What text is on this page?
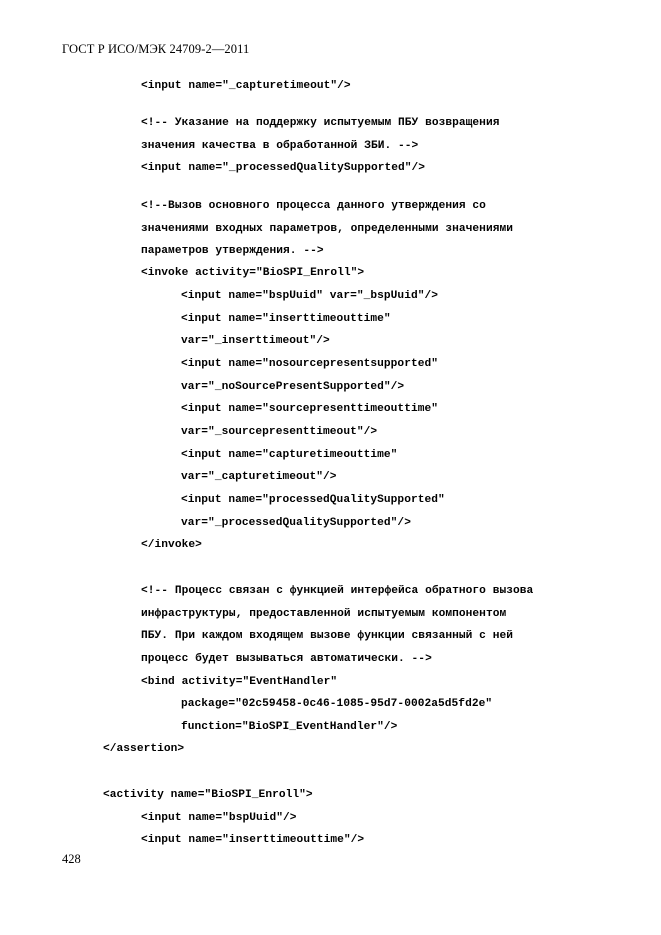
ГОСТ Р ИСО/МЭК 24709-2—2011
<input name="_capturetimeout"/>
<!-- Указание на поддержку испытуемым ПБУ возвращения
значения качества в обработанной ЗБИ. -->
<input name="_processedQualitySupported"/>
<!--Вызов основного процесса данного утверждения со
значениями входных параметров, определенными значениями
параметров утверждения. -->
<invoke activity="BioSPI_Enroll">
<input name="bspUuid" var="_bspUuid"/>
<input name="inserttimeouttime"
var="_inserttimeout"/>
<input name="nosourcepresentsupported"
var="_noSourcePresentSupported"/>
<input name="sourcepresenttimeouttime"
var="_sourcepresenttimeout"/>
<input name="capturetimeouttime"
var="_capturetimeout"/>
<input name="processedQualitySupported"
var="_processedQualitySupported"/>
</invoke>
<!-- Процесс связан с функцией интерфейса обратного вызова
инфраструктуры, предоставленной испытуемым компонентом
ПБУ. При каждом входящем вызове функции связанный с ней
процесс будет вызываться автоматически. -->
<bind activity="EventHandler"
package="02c59458-0c46-1085-95d7-0002a5d5fd2e"
function="BioSPI_EventHandler"/>
</assertion>
<activity name="BioSPI_Enroll">
<input name="bspUuid"/>
<input name="inserttimeouttime"/>
428
